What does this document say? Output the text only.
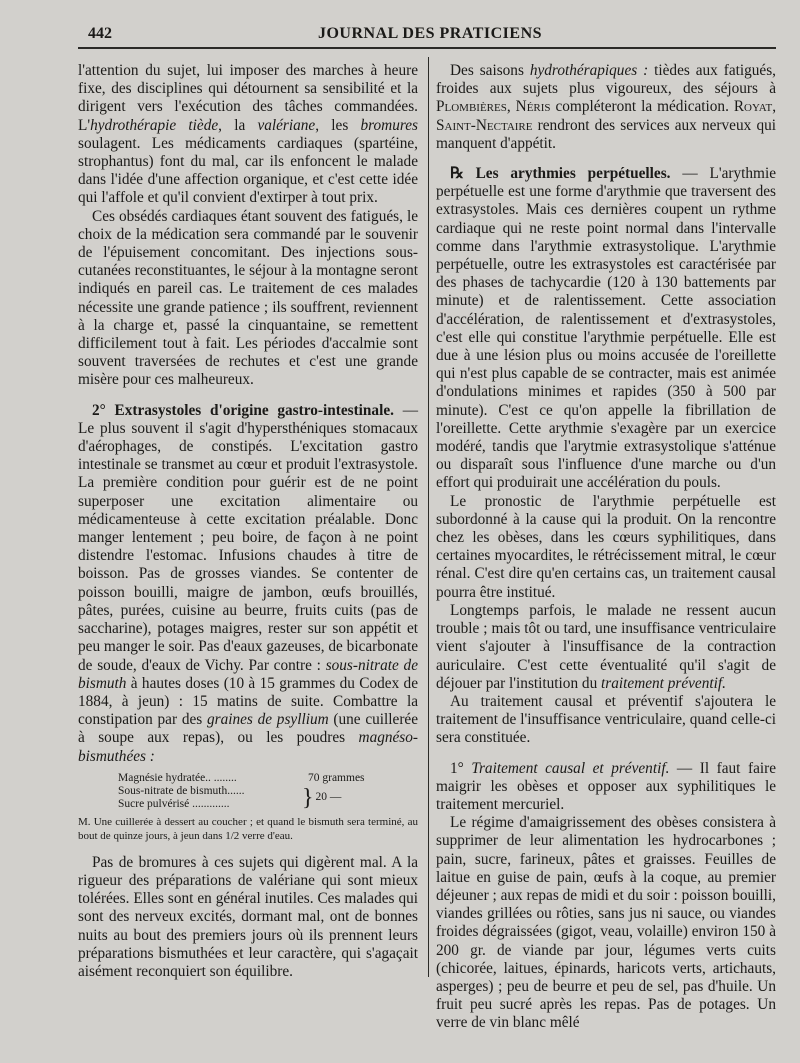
442	JOURNAL DES PRATICIENS

l'attention du sujet, lui imposer des marches à heure fixe, des disciplines qui détournent sa sensibilité et la dirigent vers l'exécution des tâches commandées. L'hydrothérapie tiède, la valériane, les bromures soulagent. Les médicaments cardiaques (spartéine, strophantus) font du mal, car ils enfoncent le malade dans l'idée d'une affection organique, et c'est cette idée qui l'affole et qu'il convient d'extirper à tout prix.

Ces obsédés cardiaques étant souvent des fatigués, le choix de la médication sera commandé par le souvenir de l'épuisement concomitant. Des injections sous-cutanées reconstituantes, le séjour à la montagne seront indiqués en pareil cas. Le traitement de ces malades nécessite une grande patience ; ils souffrent, reviennent à la charge et, passé la cinquantaine, se remettent difficilement tout à fait. Les périodes d'accalmie sont souvent traversées de rechutes et c'est une grande misère pour ces malheureux.

2° Extrasystoles d'origine gastro-intestinale. — Le plus souvent il s'agit d'hypersthéniques stomacaux d'aérophages, de constipés. L'excitation gastro intestinale se transmet au cœur et produit l'extrasystole. La première condition pour guérir est de ne point superposer une excitation alimentaire ou médicamenteuse à cette excitation préalable. Donc manger lentement ; peu boire, de façon à ne point distendre l'estomac. Infusions chaudes à titre de boisson. Pas de grosses viandes. Se contenter de poisson bouilli, maigre de jambon, œufs brouillés, pâtes, purées, cuisine au beurre, fruits cuits (pas de saccharine), potages maigres, rester sur son appétit et peu manger le soir. Pas d'eaux gazeuses, de bicarbonate de soude, d'eaux de Vichy. Par contre : sous-nitrate de bismuth à hautes doses (10 à 15 grammes du Codex de 1884, à jeun) : 15 matins de suite. Combattre la constipation par des graines de psyllium (une cuillerée à soupe aux repas), ou les poudres magnéso-bismuthées :

Magnésie hydratée.. ........	70 grammes
Sous-nitrate de bismuth......
Sucre pulvérisé .............	} 20 —
M. Une cuillerée à dessert au coucher ; et quand le bismuth sera terminé, au bout de quinze jours, à jeun dans 1/2 verre d'eau.

Pas de bromures à ces sujets qui digèrent mal. A la rigueur des préparations de valériane qui sont mieux tolérées. Elles sont en général inutiles. Ces malades qui sont des nerveux excités, dormant mal, ont de bonnes nuits au bout des premiers jours où ils prennent leurs préparations bismuthées et leur caractère, qui s'agaçait aisément reconquiert son équilibre.

Des saisons hydrothérapiques : tièdes aux fatigués, froides aux sujets plus vigoureux, des séjours à Plombières, Néris compléteront la médication. Royat, Saint-Nectaire rendront des services aux nerveux qui manquent d'appétit.

℞ Les arythmies perpétuelles. — L'arythmie perpétuelle est une forme d'arythmie que traversent des extrasystoles. Mais ces dernières coupent un rythme cardiaque qui ne reste point normal dans l'intervalle comme dans l'arythmie extrasystolique. L'arythmie perpétuelle, outre les extrasystoles est caractérisée par des phases de tachycardie (120 à 130 battements par minute) et de ralentissement. Cette association d'accélération, de ralentissement et d'extrasystoles, c'est elle qui constitue l'arythmie perpétuelle. Elle est due à une lésion plus ou moins accusée de l'oreillette qui n'est plus capable de se contracter, mais est animée d'ondulations minimes et rapides (350 à 500 par minute). C'est ce qu'on appelle la fibrillation de l'oreillette. Cette arythmie s'exagère par un exercice modéré, tandis que l'arytmie extrasystolique s'atténue ou disparaît sous l'influence d'une marche ou d'un effort qui produirait une accélération du pouls.

Le pronostic de l'arythmie perpétuelle est subordonné à la cause qui la produit. On la rencontre chez les obèses, dans les cœurs syphilitiques, dans certaines myocardites, le rétrécissement mitral, le cœur rénal. C'est dire qu'en certains cas, un traitement causal pourra être institué.

Longtemps parfois, le malade ne ressent aucun trouble ; mais tôt ou tard, une insuffisance ventriculaire vient s'ajouter à l'insuffisance de la contraction auriculaire. C'est cette éventualité qu'il s'agit de déjouer par l'institution du traitement préventif.

Au traitement causal et préventif s'ajoutera le traitement de l'insuffisance ventriculaire, quand celle-ci sera constituée.

1° Traitement causal et préventif. — Il faut faire maigrir les obèses et opposer aux syphilitiques le traitement mercuriel.

Le régime d'amaigrissement des obèses consistera à supprimer de leur alimentation les hydrocarbones ; pain, sucre, farineux, pâtes et graisses. Feuilles de laitue en guise de pain, œufs à la coque, au premier déjeuner ; aux repas de midi et du soir : poisson bouilli, viandes grillées ou rôties, sans jus ni sauce, ou viandes froides dégraissées (gigot, veau, volaille) environ 150 à 200 gr. de viande par jour, légumes verts cuits (chicorée, laitues, épinards, haricots verts, artichauts, asperges) ; peu de beurre et peu de sel, pas d'huile. Un fruit peu sucré après les repas. Pas de potages. Un verre de vin blanc mêlé
